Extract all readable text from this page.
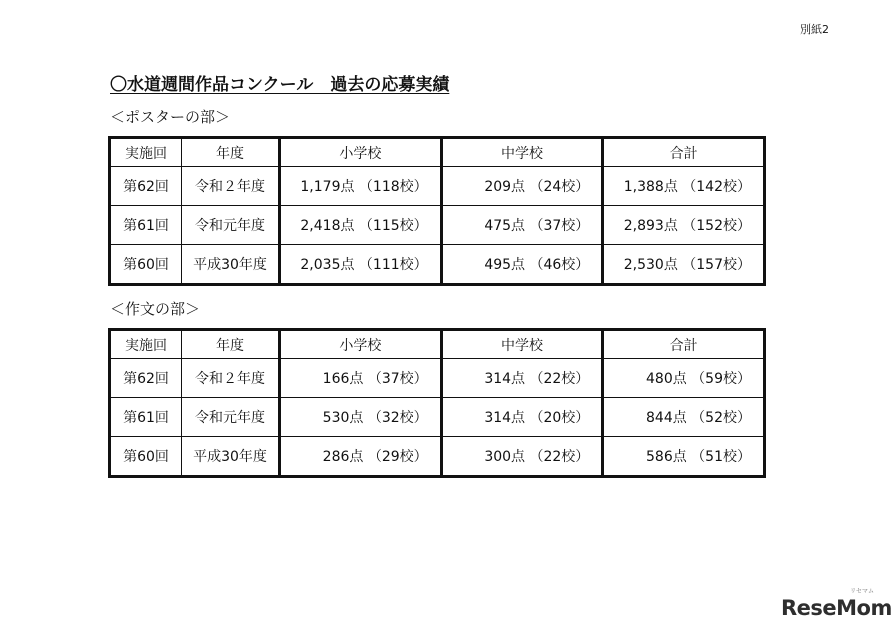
別紙2
〇水道週間作品コンクール　過去の応募実績
＜ポスターの部＞
実施回	年度	小学校	中学校	合計
第62回	令和２年度	1,179点 （118校）	209点 （24校）	1,388点 （142校）
第61回	令和元年度	2,418点 （115校）	475点 （37校）	2,893点 （152校）
第60回	平成30年度	2,035点 （111校）	495点 （46校）	2,530点 （157校）
＜作文の部＞
実施回	年度	小学校	中学校	合計
第62回	令和２年度	166点 （37校）	314点 （22校）	480点 （59校）
第61回	令和元年度	530点 （32校）	314点 （20校）	844点 （52校）
第60回	平成30年度	286点 （29校）	300点 （22校）	586点 （51校）
リセマム
ReseMom
